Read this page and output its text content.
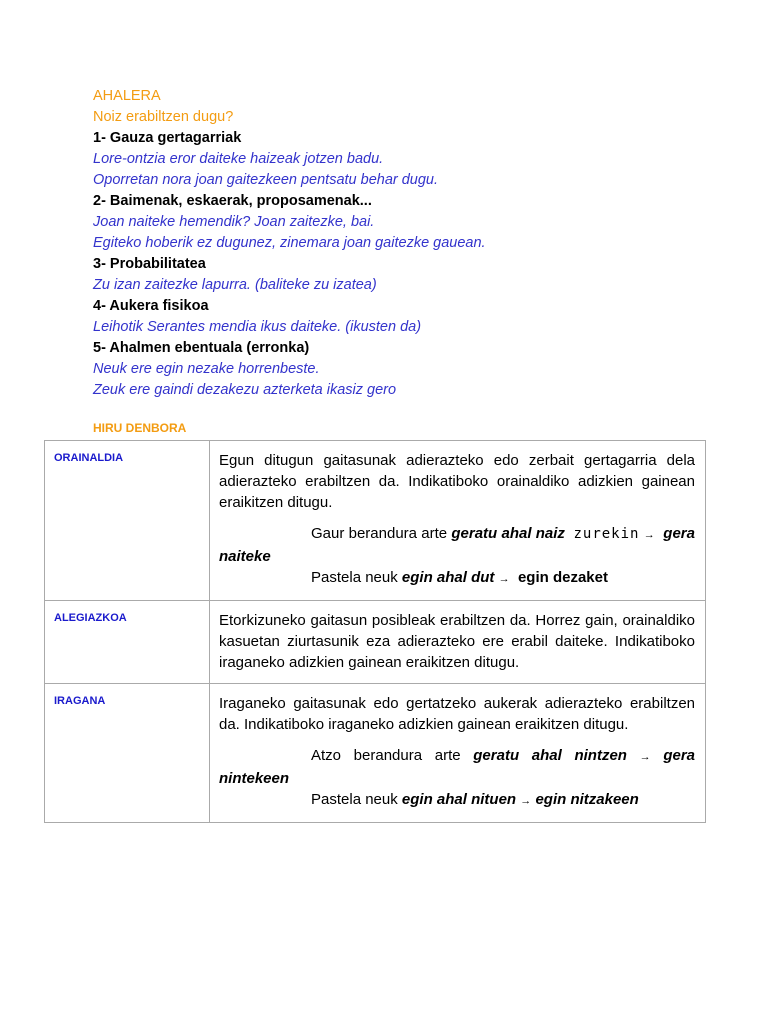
AHALERA
Noiz erabiltzen dugu?
1- Gauza gertagarriak
Lore-ontzia eror daiteke haizeak jotzen badu.
Oporretan nora joan gaitezkeen pentsatu behar dugu.
2- Baimenak, eskaerak, proposamenak...
Joan naiteke hemendik? Joan zaitezke, bai.
Egiteko hoberik ez dugunez, zinemara joan gaitezke gauean.
3- Probabilitatea
Zu izan zaitezke lapurra. (baliteke zu izatea)
4- Aukera fisikoa
Leihotik Serantes mendia ikus daiteke. (ikusten da)
5- Ahalmen ebentuala (erronka)
Neuk ere egin nezake horrenbeste.
Zeuk ere gaindi dezakezu azterketa ikasiz gero
HIRU DENBORA
ORAINALDIA	Egun ditugun gaitasunak adierazteko edo zerbait gertagarria dela adierazteko erabiltzen da. Indikatiboko orainaldiko adizkien gainean eraikitzen ditugu.

Gaur berandura arte geratu ahal naiz zurekin → gera naiteke

Pastela neuk egin ahal dut → egin dezaket

ALEGIAZKOA	Etorkizuneko gaitasun posibleak erabiltzen da. Horrez gain, orainaldiko kasuetan ziurtasunik eza adierazteko ere erabil daiteke. Indikatiboko iraganeko adizkien gainean eraikitzen ditugu.

IRAGANA	Iraganeko gaitasunak edo gertatzeko aukerak adierazteko erabiltzen da. Indikatiboko iraganeko adizkien gainean eraikitzen ditugu.

Atzo berandura arte geratu ahal nintzen → gera nintekeen

Pastela neuk egin ahal nituen → egin nitzakeen
